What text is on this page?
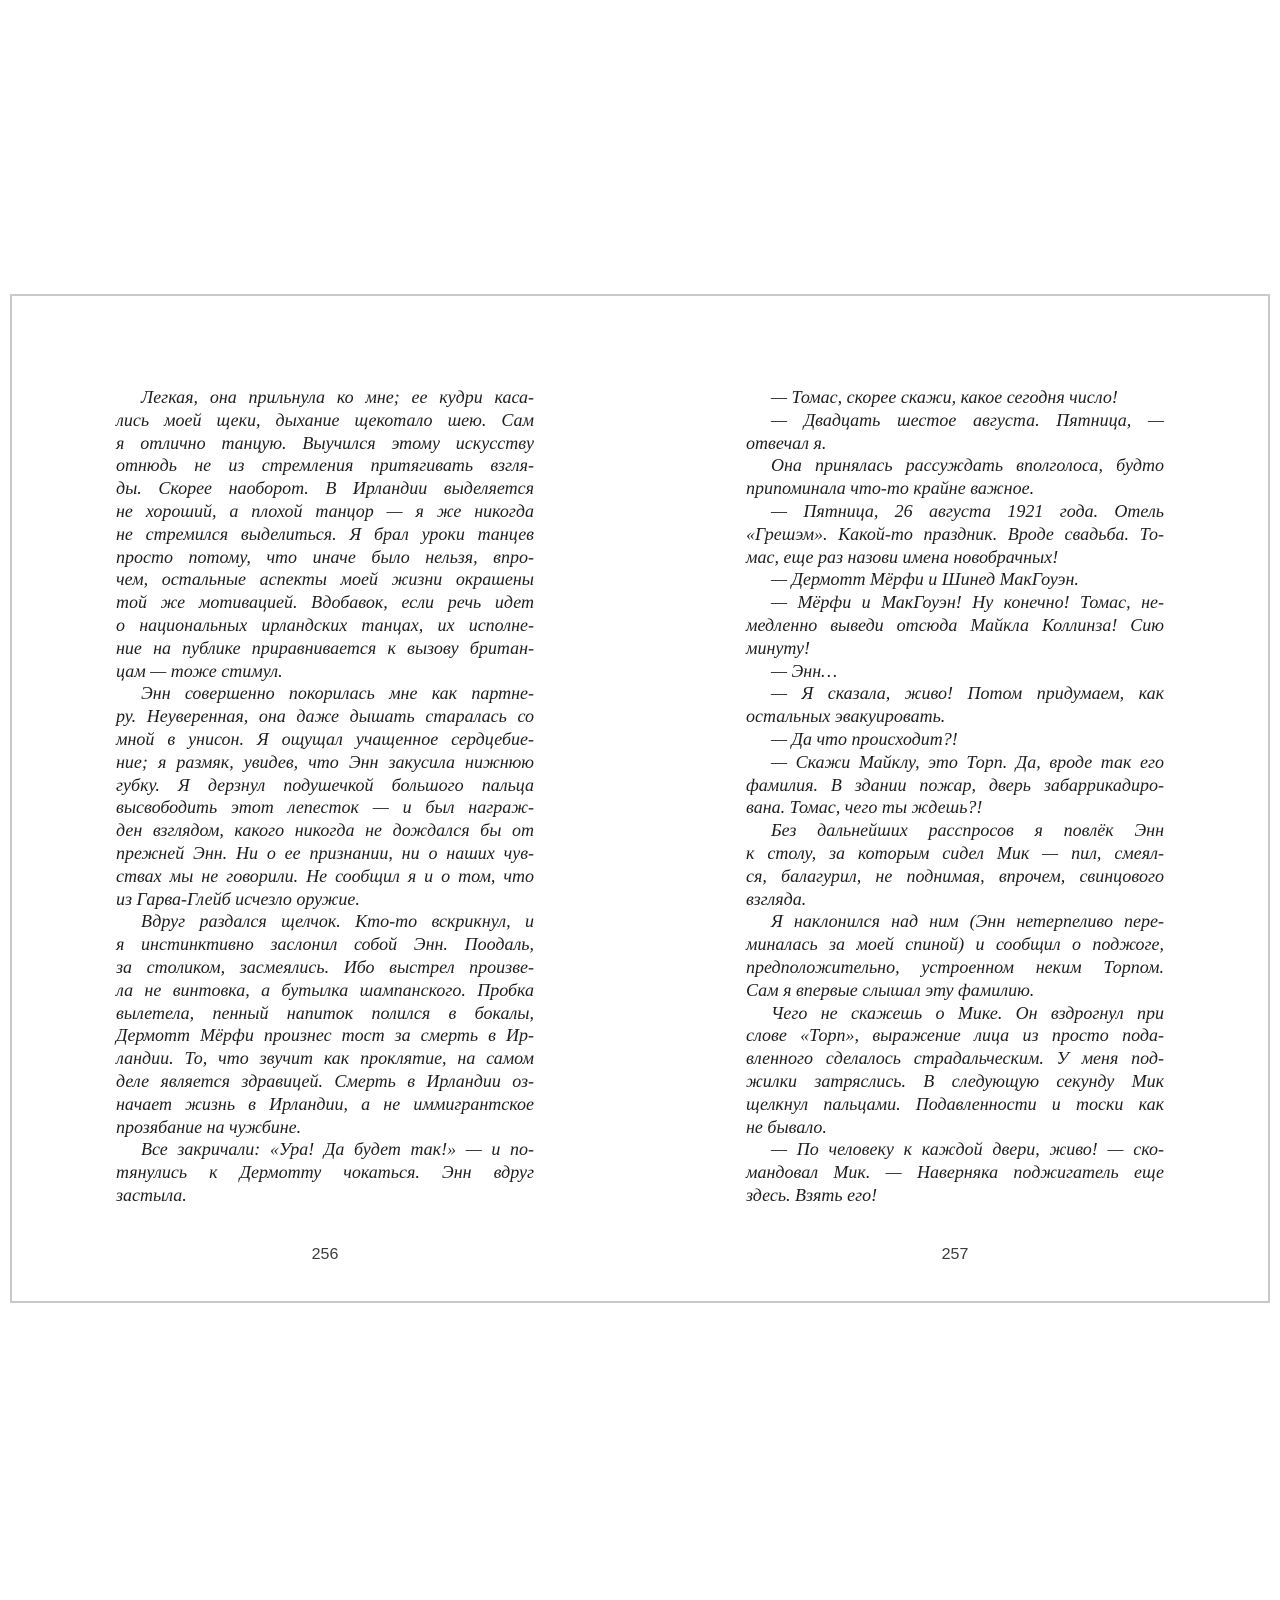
Легкая, она прильнула ко мне; ее кудри каса-
лись моей щеки, дыхание щекотало шею. Сам
я отлично танцую. Выучился этому искусству
отнюдь не из стремления притягивать взгля-
ды. Скорее наоборот. В Ирландии выделяется
не хороший, а плохой танцор — я же никогда
не стремился выделиться. Я брал уроки танцев
просто потому, что иначе было нельзя, впро-
чем, остальные аспекты моей жизни окрашены
той же мотивацией. Вдобавок, если речь идет
о национальных ирландских танцах, их исполне-
ние на публике приравнивается к вызову британ-
цам — тоже стимул.
Энн совершенно покорилась мне как партне-
ру. Неуверенная, она даже дышать старалась со
мной в унисон. Я ощущал учащенное сердцебие-
ние; я размяк, увидев, что Энн закусила нижнюю
губку. Я дерзнул подушечкой большого пальца
высвободить этот лепесток — и был награж-
ден взглядом, какого никогда не дождался бы от
прежней Энн. Ни о ее признании, ни о наших чув-
ствах мы не говорили. Не сообщил я и о том, что
из Гарва-Глейб исчезло оружие.
Вдруг раздался щелчок. Кто-то вскрикнул, и
я инстинктивно заслонил собой Энн. Поодаль,
за столиком, засмеялись. Ибо выстрел произве-
ла не винтовка, а бутылка шампанского. Пробка
вылетела, пенный напиток полился в бокалы,
Дермотт Мёрфи произнес тост за смерть в Ир-
ландии. То, что звучит как проклятие, на самом
деле является здравицей. Смерть в Ирландии оз-
начает жизнь в Ирландии, а не иммигрантское
прозябание на чужбине.
Все закричали: «Ура! Да будет так!» — и по-
тянулись к Дермотту чокаться. Энн вдруг
застыла.
— Томас, скорее скажи, какое сегодня число!
— Двадцать шестое августа. Пятница, —
отвечал я.
Она принялась рассуждать вполголоса, будто
припоминала что-то крайне важное.
— Пятница, 26 августа 1921 года. Отель
«Грешэм». Какой-то праздник. Вроде свадьба. То-
мас, еще раз назови имена новобрачных!
— Дермотт Мёрфи и Шинед МакГоуэн.
— Мёрфи и МакГоуэн! Ну конечно! Томас, не-
медленно выведи отсюда Майкла Коллинза! Сию
минуту!
— Энн…
— Я сказала, живо! Потом придумаем, как
остальных эвакуировать.
— Да что происходит?!
— Скажи Майклу, это Торп. Да, вроде так его
фамилия. В здании пожар, дверь забаррикадиро-
вана. Томас, чего ты ждешь?!
Без дальнейших расспросов я повлёк Энн
к столу, за которым сидел Мик — пил, смеял-
ся, балагурил, не поднимая, впрочем, свинцового
взгляда.
Я наклонился над ним (Энн нетерпеливо пере-
миналась за моей спиной) и сообщил о поджоге,
предположительно, устроенном неким Торпом.
Сам я впервые слышал эту фамилию.
Чего не скажешь о Мике. Он вздрогнул при
слове «Торп», выражение лица из просто пода-
вленного сделалось страдальческим. У меня под-
жилки затряслись. В следующую секунду Мик
щелкнул пальцами. Подавленности и тоски как
не бывало.
— По человеку к каждой двери, живо! — ско-
мандовал Мик. — Наверняка поджигатель еще
здесь. Взять его!
256	257
